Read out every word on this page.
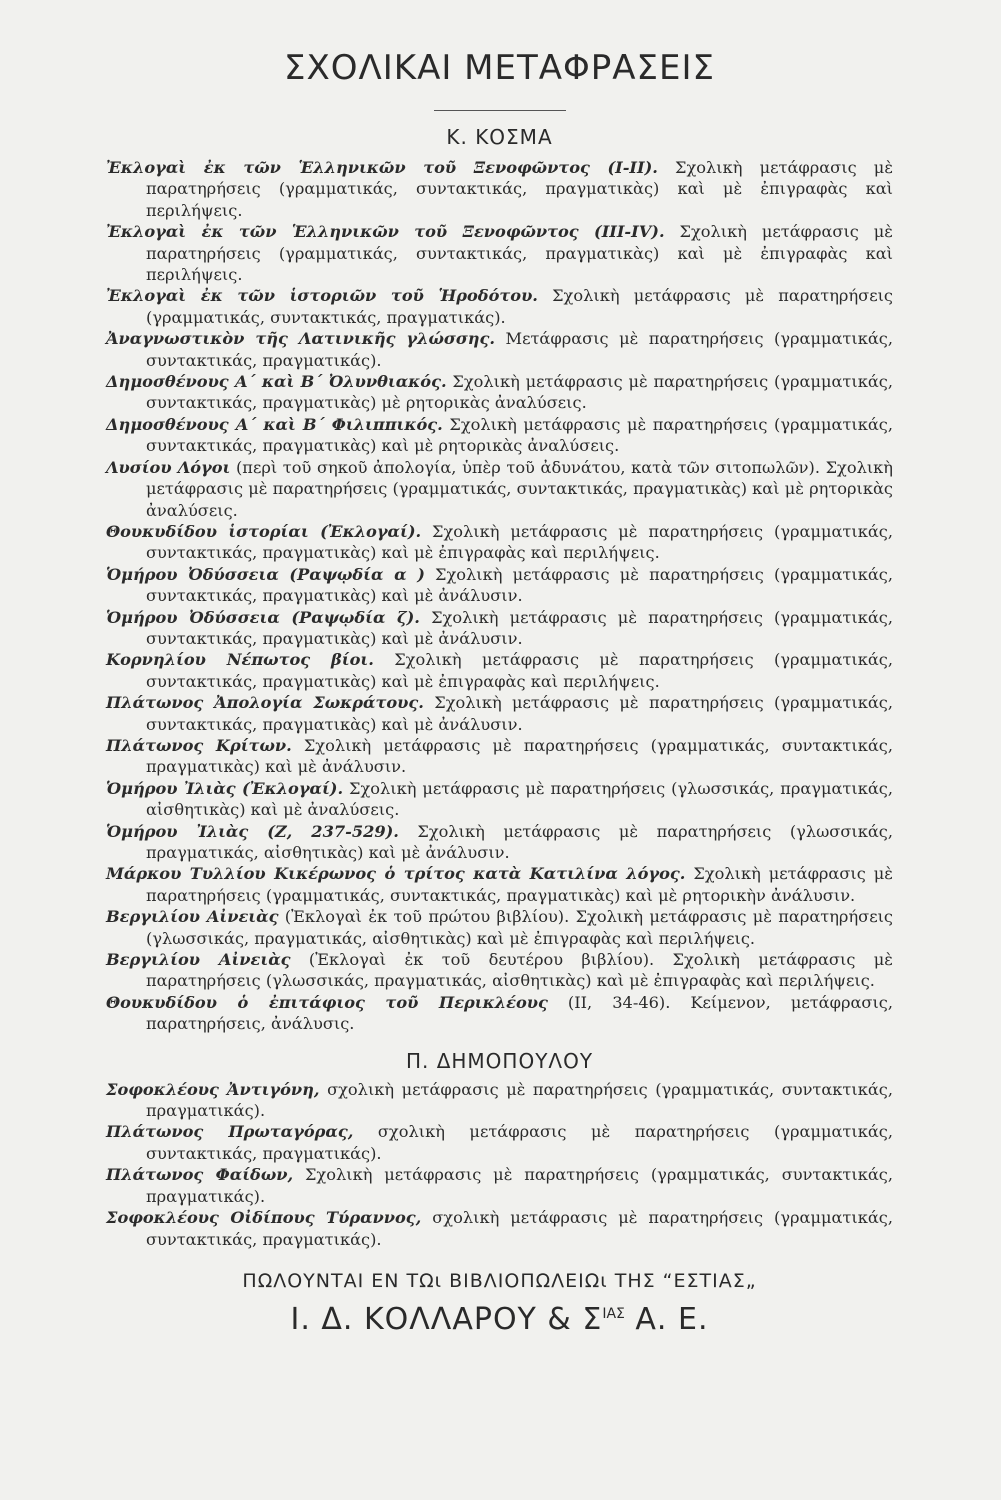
ΣΧΟΛΙΚΑΙ ΜΕΤΑΦΡΑΣΕΙΣ
Κ. ΚΟΣΜΑ
Ἐκλογαὶ ἐκ τῶν Ἑλληνικῶν τοῦ Ξενοφῶντος (I-II). Σχολικὴ μετάφρασις μὲ παρατηρήσεις (γραμματικάς, συντακτικάς, πραγματικὰς) καὶ μὲ ἐπιγραφὰς καὶ περιλήψεις.
Ἐκλογαὶ ἐκ τῶν Ἑλληνικῶν τοῦ Ξενοφῶντος (III-IV). Σχολικὴ μετάφρασις μὲ παρατηρήσεις (γραμματικάς, συντακτικάς, πραγματικὰς) καὶ μὲ ἐπιγραφὰς καὶ περιλήψεις.
Ἐκλογαὶ ἐκ τῶν ἱστοριῶν τοῦ Ἡροδότου. Σχολικὴ μετάφρασις μὲ παρατηρήσεις (γραμματικάς, συντακτικάς, πραγματικάς).
Ἀναγνωστικὸν τῆς Λατινικῆς γλώσσης. Μετάφρασις μὲ παρατηρήσεις (γραμματικάς, συντακτικάς, πραγματικάς).
Δημοσθένους Α΄ καὶ Β΄ Ὀλυνθιακός. Σχολικὴ μετάφρασις μὲ παρατηρήσεις (γραμματικάς, συντακτικάς, πραγματικὰς) μὲ ρητορικὰς ἀναλύσεις.
Δημοσθένους Α΄ καὶ Β΄ Φιλιππικός. Σχολικὴ μετάφρασις μὲ παρατηρήσεις (γραμματικάς, συντακτικάς, πραγματικὰς) καὶ μὲ ρητορικὰς ἀναλύσεις.
Λυσίου Λόγοι (περὶ τοῦ σηκοῦ ἀπολογία, ὑπὲρ τοῦ ἀδυνάτου, κατὰ τῶν σιτοπωλῶν). Σχολικὴ μετάφρασις μὲ παρατηρήσεις (γραμματικάς, συντακτικάς, πραγματικὰς) καὶ μὲ ρητορικὰς ἀναλύσεις.
Θουκυδίδου ἱστορίαι (Ἐκλογαί). Σχολικὴ μετάφρασις μὲ παρατηρήσεις (γραμματικάς, συντακτικάς, πραγματικὰς) καὶ μὲ ἐπιγραφὰς καὶ περιλήψεις.
Ὁμήρου Ὀδύσσεια (Ραψῳδία α ) Σχολικὴ μετάφρασις μὲ παρατηρήσεις (γραμματικάς, συντακτικάς, πραγματικὰς) καὶ μὲ ἀνάλυσιν.
Ὁμήρου Ὀδύσσεια (Ραψῳδία ζ). Σχολικὴ μετάφρασις μὲ παρατηρήσεις (γραμματικάς, συντακτικάς, πραγματικὰς) καὶ μὲ ἀνάλυσιν.
Κορνηλίου Νέπωτος βίοι. Σχολικὴ μετάφρασις μὲ παρατηρήσεις (γραμματικάς, συντακτικάς, πραγματικὰς) καὶ μὲ ἐπιγραφὰς καὶ περιλήψεις.
Πλάτωνος Ἀπολογία Σωκράτους. Σχολικὴ μετάφρασις μὲ παρατηρήσεις (γραμματικάς, συντακτικάς, πραγματικὰς) καὶ μὲ ἀνάλυσιν.
Πλάτωνος Κρίτων. Σχολικὴ μετάφρασις μὲ παρατηρήσεις (γραμματικάς, συντακτικάς, πραγματικὰς) καὶ μὲ ἀνάλυσιν.
Ὁμήρου Ἰλιὰς (Ἐκλογαί). Σχολικὴ μετάφρασις μὲ παρατηρήσεις (γλωσσικάς, πραγματικάς, αἰσθητικὰς) καὶ μὲ ἀναλύσεις.
Ὁμήρου Ἰλιὰς (Ζ, 237-529). Σχολικὴ μετάφρασις μὲ παρατηρήσεις (γλωσσικάς, πραγματικάς, αἰσθητικὰς) καὶ μὲ ἀνάλυσιν.
Μάρκου Τυλλίου Κικέρωνος ὁ τρίτος κατὰ Κατιλίνα λόγος. Σχολικὴ μετάφρασις μὲ παρατηρήσεις (γραμματικάς, συντακτικάς, πραγματικὰς) καὶ μὲ ρητορικὴν ἀνάλυσιν.
Βεργιλίου Αἰνειὰς (Ἐκλογαὶ ἐκ τοῦ πρώτου βιβλίου). Σχολικὴ μετάφρασις μὲ παρατηρήσεις (γλωσσικάς, πραγματικάς, αἰσθητικὰς) καὶ μὲ ἐπιγραφὰς καὶ περιλήψεις.
Βεργιλίου Αἰνειὰς (Ἐκλογαὶ ἐκ τοῦ δευτέρου βιβλίου). Σχολικὴ μετάφρασις μὲ παρατηρήσεις (γλωσσικάς, πραγματικάς, αἰσθητικὰς) καὶ μὲ ἐπιγραφὰς καὶ περιλήψεις.
Θουκυδίδου ὁ ἐπιτάφιος τοῦ Περικλέους (II, 34-46). Κείμενον, μετάφρασις, παρατηρήσεις, ἀνάλυσις.
Π. ΔΗΜΟΠΟΥΛΟΥ
Σοφοκλέους Ἀντιγόνη, σχολικὴ μετάφρασις μὲ παρατηρήσεις (γραμματικάς, συντακτικάς, πραγματικάς).
Πλάτωνος Πρωταγόρας, σχολικὴ μετάφρασις μὲ παρατηρήσεις (γραμματικάς, συντακτικάς, πραγματικάς).
Πλάτωνος Φαίδων, Σχολικὴ μετάφρασις μὲ παρατηρήσεις (γραμματικάς, συντακτικάς, πραγματικάς).
Σοφοκλέους Οἰδίπους Τύραννος, σχολικὴ μετάφρασις μὲ παρατηρήσεις (γραμματικάς, συντακτικάς, πραγματικάς).
ΠΩΛΟΥΝΤΑΙ ΕΝ ΤΩι ΒΙΒΛΙΟΠΩΛΕΙΩι ΤΗΣ “ΕΣΤΙΑΣ„
Ι. Δ. ΚΟΛΛΑΡΟΥ & $\Sigma^{IA\Sigma}$ Α. Ε.
